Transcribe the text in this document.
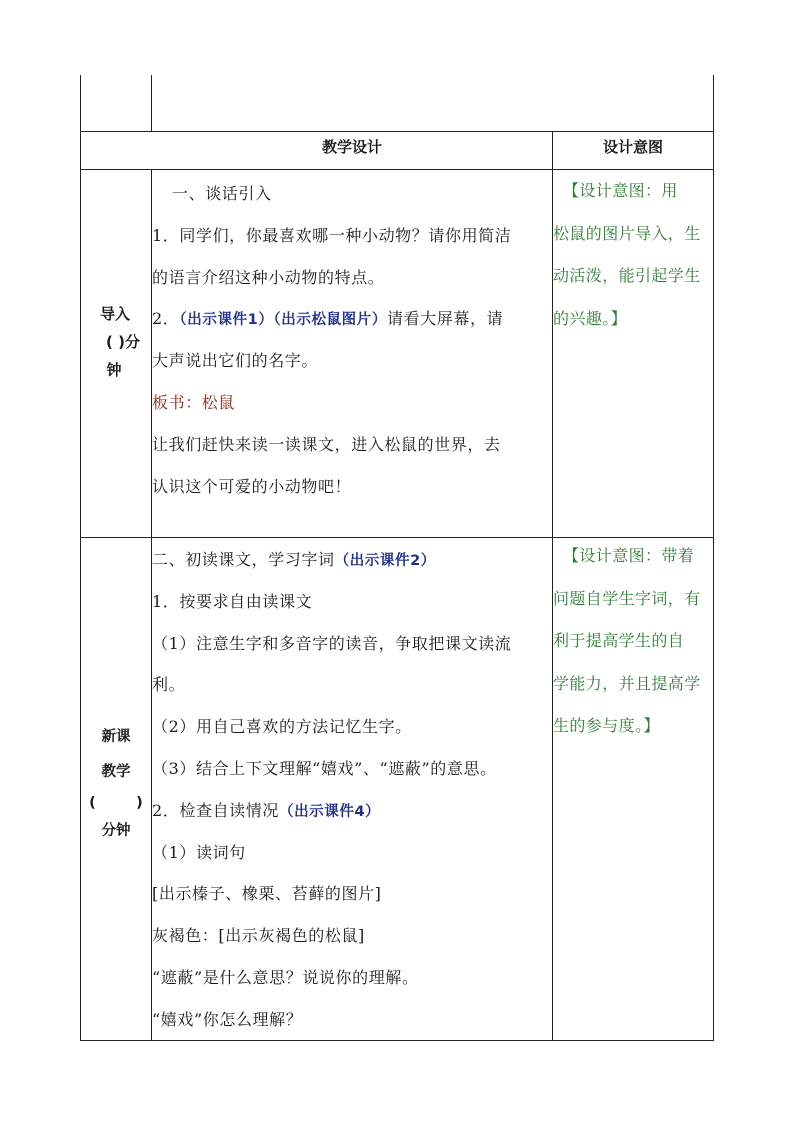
教学设计	设计意图
导入
( )分
钟
一、谈话引入
1．同学们，你最喜欢哪一种小动物？请你用简洁
的语言介绍这种小动物的特点。
2．（出示课件1）（出示松鼠图片）请看大屏幕，请
大声说出它们的名字。
板书：松鼠
让我们赶快来读一读课文，进入松鼠的世界，去
认识这个可爱的小动物吧！
【设计意图：用
松鼠的图片导入，生
动活泼，能引起学生
的兴趣。】
新课
教学
(        )
分钟
二、初读课文，学习字词（出示课件2）
1．按要求自由读课文
（1）注意生字和多音字的读音，争取把课文读流
利。
（2）用自己喜欢的方法记忆生字。
（3）结合上下文理解“嬉戏”、“遮蔽”的意思。
2．检查自读情况（出示课件4）
（1）读词句
[出示榛子、橡栗、苔藓的图片]
灰褐色：[出示灰褐色的松鼠]
“遮蔽”是什么意思？说说你的理解。
“嬉戏”你怎么理解？
【设计意图：带着
问题自学生字词，有
利于提高学生的自
学能力，并且提高学
生的参与度。】
